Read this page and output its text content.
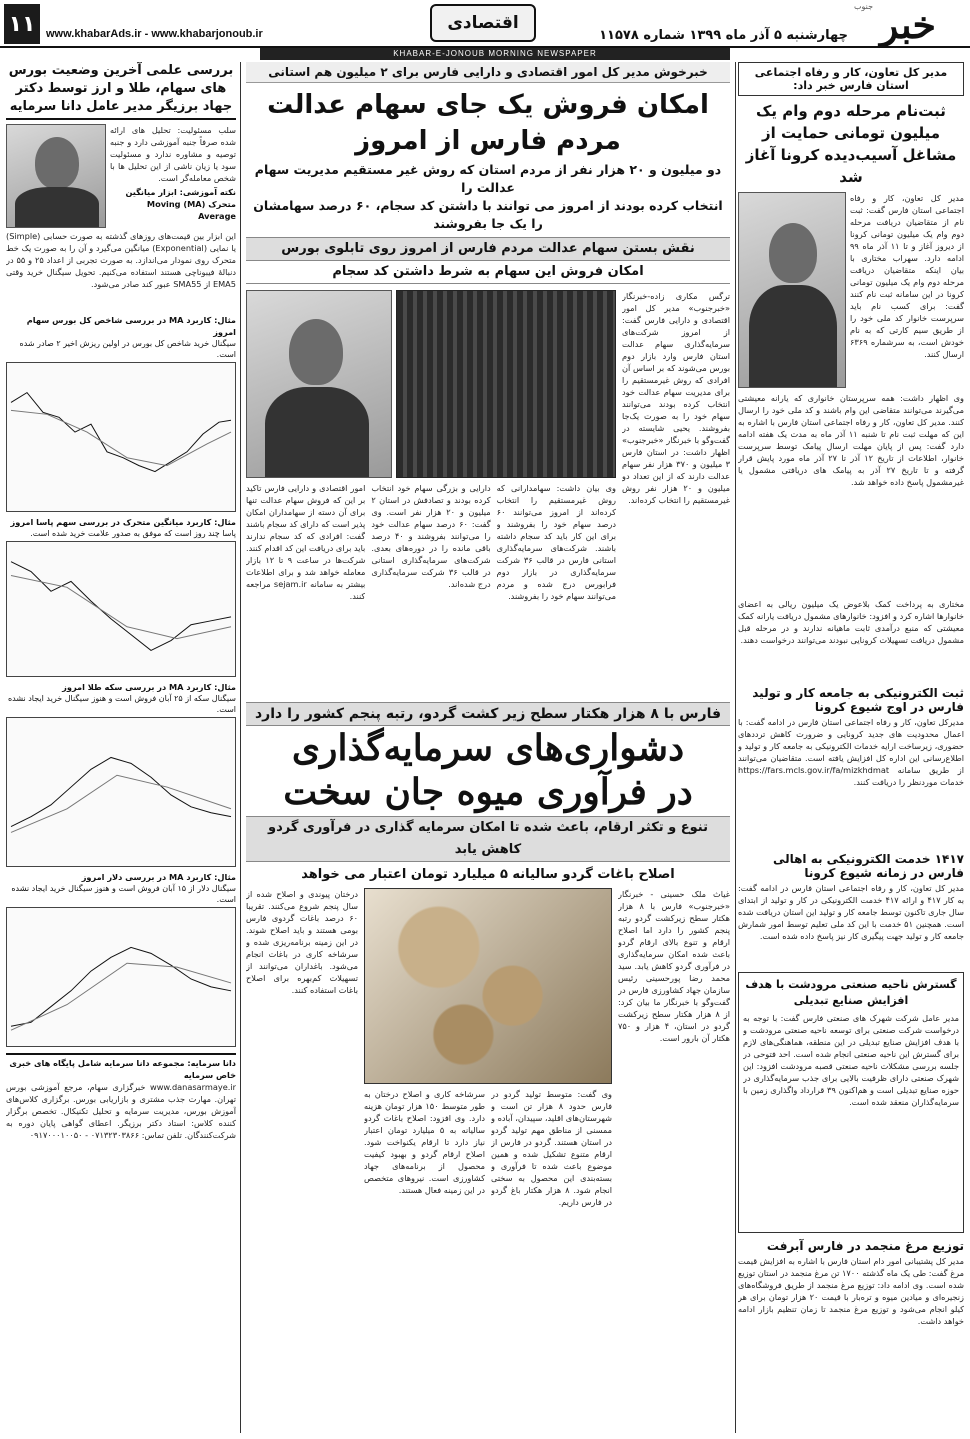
جنوب خبر
چهارشنبه ۵ آذر ماه ۱۳۹۹ شماره ۱۱۵۷۸
اقتصادی
www.khabarAds.ir - www.khabarjonoub.ir
۱۱
KHABAR-E-JONOUB MORNING NEWSPAPER
مدیر کل تعاون، کار و رفاه اجتماعی استان فارس خبر داد:
ثبت‌نام مرحله دوم وام یک میلیون تومانی حمایت از مشاغل آسیب‌دیده کرونا آغاز شد
مدیر کل تعاون، کار و رفاه اجتماعی استان فارس گفت: ثبت نام از متقاضیان دریافت مرحله دوم وام یک میلیون تومانی کرونا از دیروز آغاز و تا ۱۱ آذر ماه ۹۹ ادامه دارد. سهراب مختاری با بیان اینکه متقاضیان دریافت مرحله دوم وام یک میلیون تومانی کرونا در این سامانه ثبت نام کنند گفت: برای کسب نام باید سرپرست خانوار کد ملی خود را از طریق سیم کارتی که به نام خودش است، به سرشماره ۶۳۶۹ ارسال کنند.
وی اظهار داشت: همه سرپرستان خانواری که یارانه معیشتی می‌گیرند می‌توانند متقاضی این وام باشند و کد ملی خود را ارسال کنند. مدیر کل تعاون، کار و رفاه اجتماعی استان فارس با اشاره به این که مهلت ثبت نام تا شنبه ۱۱ آذر ماه به مدت یک هفته ادامه دارد گفت: پس از پایان مهلت ارسال پیامک توسط سرپرست خانوار، اطلاعات از تاریخ ۱۲ آذر تا ۲۷ آذر ماه مورد پایش قرار گرفته و تا تاریخ ۲۷ آذر به پیامک های دریافتی مشمول یا غیرمشمول پاسخ داده خواهد شد.
مختاری به پرداخت کمک بلاعوض یک میلیون ریالی به اعضای خانوارها اشاره کرد و افزود: خانوارهای مشمول دریافت یارانه کمک معیشتی که منبع درآمدی ثابت ماهیانه ندارند و در مرحله قبل مشمول دریافت تسهیلات کرونایی نبودند می‌توانند درخواست دهند.
ثبت الکترونیکی به جامعه کار و تولید فارس در اوج شیوع کرونا
مدیرکل تعاون، کار و رفاه اجتماعی استان فارس در ادامه گفت: با اعمال محدودیت های جدید کرونایی و ضرورت کاهش ترددهای حضوری، زیرساخت ارایه خدمات الکترونیکی به جامعه کار و تولید و اطلاع‌رسانی این اداره کل افزایش یافته است. متقاضیان می‌توانند از طریق سامانه https://fars.mcls.gov.ir/fa/mizkhdmat خدمات موردنظر را دریافت کنند.
۱۴۱۷ خدمت الکترونیکی به اهالی فارس در زمانه شیوع کرونا
مدیر کل تعاون، کار و رفاه اجتماعی استان فارس در ادامه گفت: به کار ۴۱۷ و ارائه ۴۱۷ خدمت الکترونیکی در کار و تولید از ابتدای سال جاری تاکنون توسط جامعه کار و تولید این استان دریافت شده است. همچنین ۵۱ خدمت با این کد ملی تعلیم توسط امور شمارش جامعه کار و تولید جهت پیگیری کار نیز پاسخ داده شده است.
گسترش ناحیه صنعتی مرودشت با هدف افزایش صنایع تبدیلی
مدیر عامل شرکت شهرک های صنعتی فارس گفت: با توجه به درخواست شرکت صنعتی برای توسعه ناحیه صنعتی مرودشت و با هدف افزایش صنایع تبدیلی در این منطقه، هماهنگی‌های لازم برای گسترش این ناحیه صنعتی انجام شده است. احد فتوحی در جلسه بررسی مشکلات ناحیه صنعتی قصبه مرودشت افزود: این شهرک صنعتی دارای ظرفیت بالایی برای جذب سرمایه‌گذاری در حوزه صنایع تبدیلی است و هم‌اکنون ۳۹ قرارداد واگذاری زمین با سرمایه‌گذاران منعقد شده است.
توزیع مرغ منجمد در فارس آبرفت
مدیر کل پشتیبانی امور دام استان فارس با اشاره به افزایش قیمت مرغ گفت: طی یک ماه گذشته ۱۷۰۰ تن مرغ منجمد در استان توزیع شده است. وی ادامه داد: توزیع مرغ منجمد از طریق فروشگاه‌های زنجیره‌ای و میادین میوه و تره‌بار با قیمت ۲۰ هزار تومان برای هر کیلو انجام می‌شود و توزیع مرغ منجمد تا زمان تنظیم بازار ادامه خواهد داشت.
خبرخوش مدیر کل امور اقتصادی و دارایی فارس برای ۲ میلیون هم استانی
امکان فروش یک جای سهام عدالت مردم فارس از امروز
دو میلیون و ۲۰ هزار نفر از مردم استان که روش غیر مستقیم مدیریت سهام عدالت را
انتخاب کرده بودند از امروز می توانند با داشتن کد سجام، ۶۰ درصد سهامشان را یک جا بفروشند
نقش بستن سهام عدالت مردم فارس از امروز روی تابلوی بورس
امکان فروش این سهام به شرط داشتن کد سجام
ترگس مکاری زاده-خبرنگار «خبرجنوب» مدیر کل امور اقتصادی و دارایی فارس گفت: از امروز شرکت‌های سرمایه‌گذاری سهام عدالت استان فارس وارد بازار دوم بورس می‌شوند که بر اساس آن افرادی که روش غیرمستقیم را برای مدیریت سهام عدالت خود انتخاب کرده بودند می‌توانند سهام خود را به صورت یک‌جا بفروشند. یحیی شایسته در گفت‌وگو با خبرنگار «خبرجنوب» اظهار داشت: در استان فارس ۳ میلیون و ۳۷۰ هزار نفر سهام عدالت دارند که از این تعداد دو میلیون و ۲۰ هزار نفر روش غیرمستقیم را انتخاب کرده‌اند.
وی بیان داشت: سهامدارانی که روش غیرمستقیم را انتخاب کرده‌اند از امروز می‌توانند ۶۰ درصد سهام خود را بفروشند و برای این کار باید کد سجام داشته باشند. شرکت‌های سرمایه‌گذاری استانی فارس در قالب ۳۶ شرکت سرمایه‌گذاری در بازار دوم فرابورس درج شده و مردم می‌توانند سهام خود را بفروشند.
دارایی و بزرگی سهام خود انتخاب کرده بودند و تصادفش در استان ۲ میلیون و ۲۰ هزار نفر است. وی گفت: ۶۰ درصد سهام عدالت خود را می‌توانند بفروشند و ۴۰ درصد باقی مانده را در دوره‌های بعدی. شرکت‌های سرمایه‌گذاری استانی در قالب ۳۶ شرکت سرمایه‌گذاری درج شده‌اند.
امور اقتصادی و دارایی فارس تاکید بر این که فروش سهام عدالت تنها برای آن دسته از سهامداران امکان پذیر است که دارای کد سجام باشند گفت: افرادی که کد سجام ندارند باید برای دریافت این کد اقدام کنند. شرکت‌ها در ساعت ۹ تا ۱۲ بازار معامله خواهد شد و برای اطلاعات بیشتر به سامانه sejam.ir مراجعه کنند.
فارس با ۸ هزار هکتار سطح زیر کشت گردو، رتبه پنجم کشور را دارد
دشواری‌های سرمایه‌گذاری
در فرآوری میوه جان سخت
تنوع و تکثر ارقام، باعث شده تا امکان سرمایه گذاری در فرآوری گردو کاهش یابد
اصلاح باغات گردو سالیانه ۵ میلیارد تومان اعتبار می خواهد
غیاث ملک حسینی - خبرنگار «خبرجنوب» فارس با ۸ هزار هکتار سطح زیرکشت گردو رتبه پنجم کشور را دارد اما اصلاح ارقام و تنوع بالای ارقام گردو باعث شده امکان سرمایه‌گذاری در فرآوری گردو کاهش یابد. سید محمد رضا پورحسینی رئیس سازمان جهاد کشاورزی فارس در گفت‌وگو با خبرنگار ما بیان کرد: از ۸ هزار هکتار سطح زیرکشت گردو در استان، ۴ هزار و ۷۵۰ هکتار آن بارور است.
وی گفت: متوسط تولید گردو در فارس حدود ۸ هزار تن است و شهرستان‌های اقلید، سپیدان، آباده و ممسنی از مناطق مهم تولید گردو در استان هستند. گردو در فارس از ارقام متنوع تشکیل شده و همین موضوع باعث شده تا فرآوری و بسته‌بندی این محصول به سختی انجام شود. ۸ هزار هکتار باغ گردو در فارس داریم.
سرشاخه کاری و اصلاح درختان به طور متوسط ۱۵۰ هزار تومان هزینه دارد. وی افزود: اصلاح باغات گردو سالیانه به ۵ میلیارد تومان اعتبار نیاز دارد تا ارقام یکنواخت شود. اصلاح ارقام گردو و بهبود کیفیت محصول از برنامه‌های جهاد کشاورزی است. نیروهای متخصص در این زمینه فعال هستند.
درختان پیوندی و اصلاح شده از سال پنجم شروع می‌کنند. تقریبا ۶۰ درصد باغات گردوی فارس بومی هستند و باید اصلاح شوند. در این زمینه برنامه‌ریزی شده و سرشاخه کاری در باغات انجام می‌شود. باغداران می‌توانند از تسهیلات کم‌بهره برای اصلاح باغات استفاده کنند.
بررسی علمی آخرین وضعیت بورس های سهام، طلا و ارز توسط دکتر جهاد برزیگر مدیر عامل دانا سرمایه
سلب مسئولیت: تحلیل های ارائه شده صرفاً جنبه آموزشی دارد و جنبه توصیه و مشاوره ندارد و مسئولیت سود یا زیان ناشی از این تحلیل ها با شخص معامله‌گر است.
نکته آموزشی: ابزار میانگین متحرک (MA) Moving Average
این ابزار بین قیمت‌های روزهای گذشته به صورت حسابی (Simple) یا نمایی (Exponential) میانگین می‌گیرد و آن را به صورت یک خط متحرک روی نمودار می‌اندازد. به صورت تجربی از اعداد ۲۵ و ۵۵ در دنبالهٔ فیبوناچی هستند استفاده می‌کنیم. تحویل سیگنال خرید وقتی EMA5 از SMA55 عبور کند صادر می‌شود.
مثال: کاربرد MA در بررسی شاخص کل بورس سهام امروز
سیگنال خرید شاخص کل بورس در اولین ریزش اخیر ۲ صادر شده است.
مثال: کاربرد میانگین متحرک در بررسی سهم پاسا امروز
پاسا چند روز است که موفق به صدور علامت خرید شده است.
مثال: کاربرد MA در بررسی سکه طلا امروز
سیگنال سکه از ۲۵ آبان فروش است و هنوز سیگنال خرید ایجاد نشده است.
مثال: کاربرد MA در بررسی دلار امروز
سیگنال دلار از ۱۵ آبان فروش است و هنوز سیگنال خرید ایجاد نشده است.
دانا سرمایه: مجموعه دانا سرمایه شامل پایگاه های خبری خاص سرمایه
www.danasarmaye.ir خبرگزاری سهام، مرجع آموزشی بورس تهران. مهارت جذب مشتری و بازاریابی بورس. برگزاری کلاس‌های آموزش بورس، مدیریت سرمایه و تحلیل تکنیکال. تخصص برگزار کننده کلاس: استاد دکتر برزیگر. اعطای گواهی پایان دوره به شرکت‌کنندگان. تلفن تماس: ۰۷۱۳۲۳۰۳۸۶۶ - ۰۹۱۷۰۰۰۱۰۰۵۰
